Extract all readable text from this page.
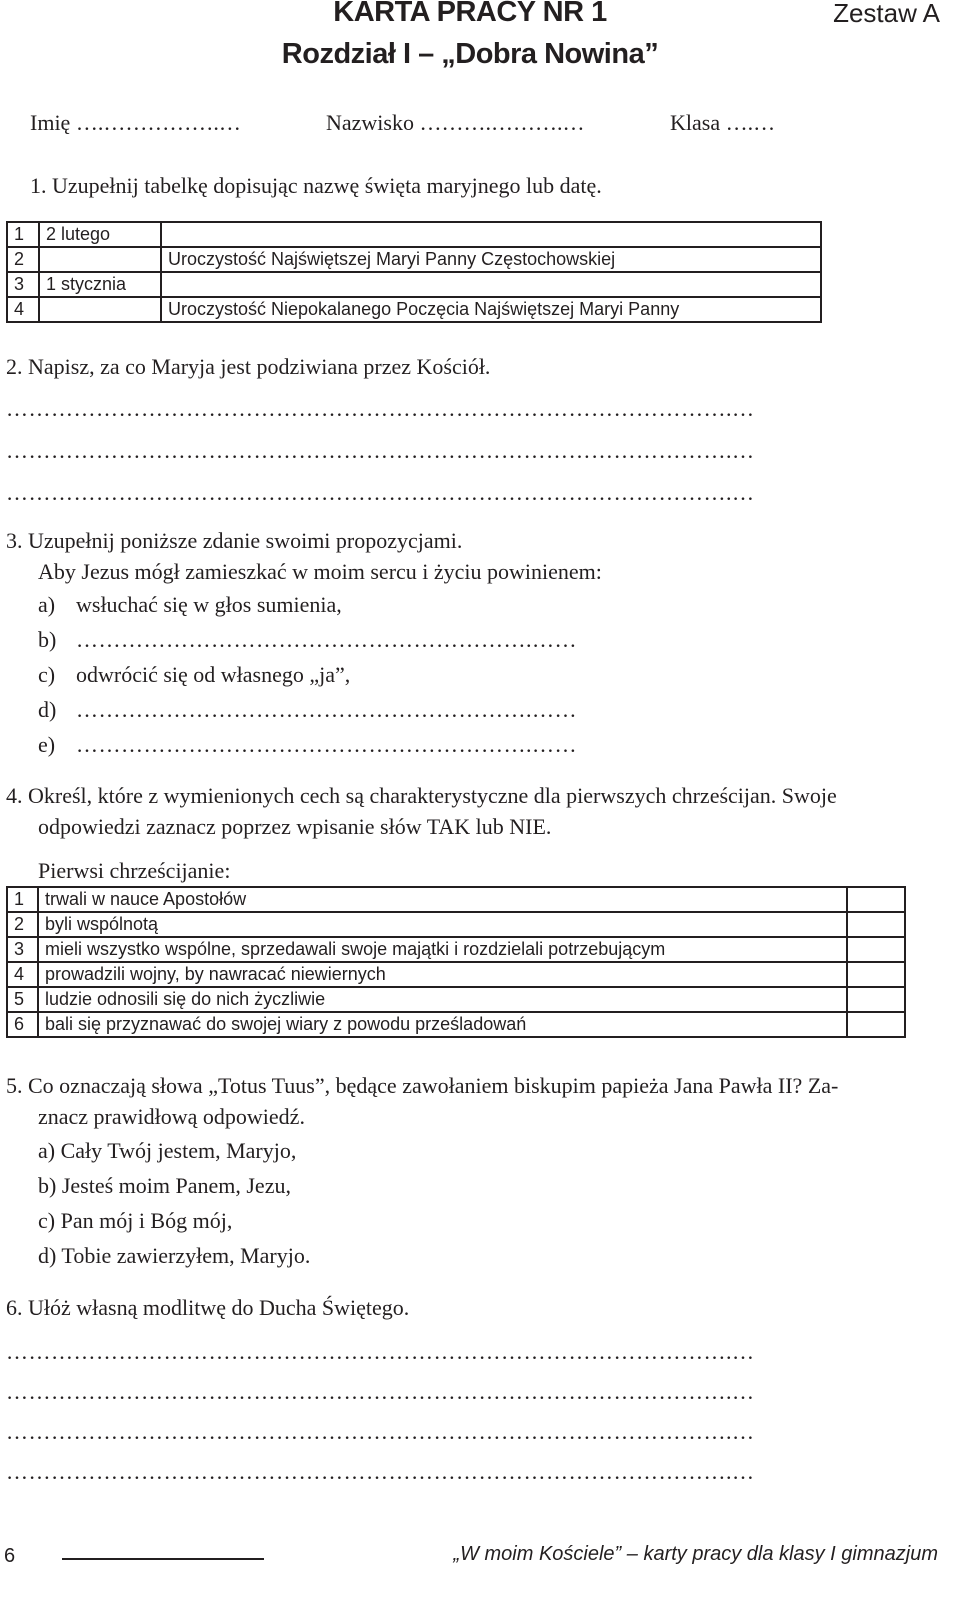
KARTA PRACY NR 1
Rozdział I – „Dobra Nowina”
Zestaw A
Imię ….…………….…	Nazwisko ……….……….…	Klasa ….…
1. Uzupełnij tabelkę dopisując nazwę święta maryjnego lub datę.
1	2 lutego	
2		Uroczystość Najświętszej Maryi Panny Częstochowskiej
3	1 stycznia	
4		Uroczystość Niepokalanego Poczęcia Najświętszej Maryi Panny
2. Napisz, za co Maryja jest podziwiana przez Kościół.
…………………………………………………………………………………….…
…………………………………………………………………………………….…
…………………………………………………………………………………….…
3. Uzupełnij poniższe zdanie swoimi propozycjami.
Aby Jezus mógł zamieszkać w moim sercu i życiu powinienem:
a) wsłuchać się w głos sumienia,
b) …………………………………………………….……
c) odwrócić się od własnego „ja”,
d) …………………………………………………….……
e) …………………………………………………….……
4. Określ, które z wymienionych cech są charakterystyczne dla pierwszych chrześcijan. Swoje
odpowiedzi zaznacz poprzez wpisanie słów TAK lub NIE.
Pierwsi chrześcijanie:
1	trwali w nauce Apostołów	
2	byli wspólnotą	
3	mieli wszystko wspólne, sprzedawali swoje majątki i rozdzielali potrzebującym	
4	prowadzili wojny, by nawracać niewiernych	
5	ludzie odnosili się do nich życzliwie	
6	bali się przyznawać do swojej wiary z powodu prześladowań	
5. Co oznaczają słowa „Totus Tuus”, będące zawołaniem biskupim papieża Jana Pawła II? Za-
znacz prawidłową odpowiedź.
a) Cały Twój jestem, Maryjo,
b) Jesteś moim Panem, Jezu,
c) Pan mój i Bóg mój,
d) Tobie zawierzyłem, Maryjo.
6. Ułóż własną modlitwę do Ducha Świętego.
…………………………………………………………………………………….…
…………………………………………………………………………………….…
…………………………………………………………………………………….…
…………………………………………………………………………………….…
6	„W moim Kościele” – karty pracy dla klasy I gimnazjum
